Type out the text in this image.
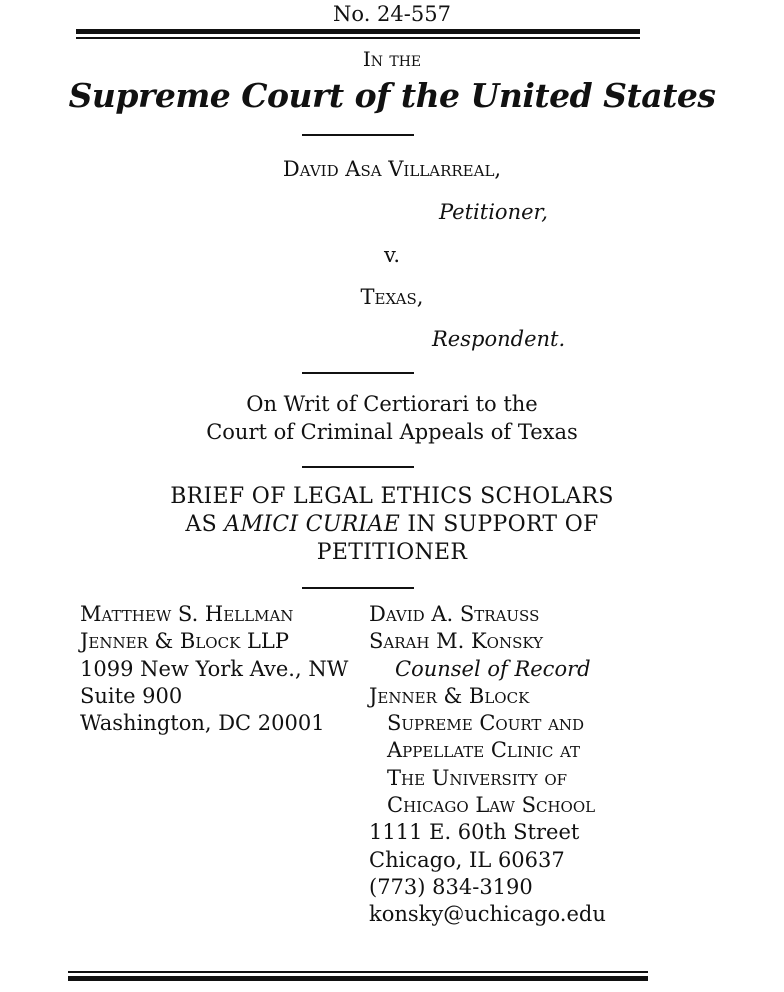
No. 24-557
In the
Supreme Court of the United States
David Asa Villarreal,
Petitioner,
v.
Texas,
Respondent.
On Writ of Certiorari to the
Court of Criminal Appeals of Texas
BRIEF OF LEGAL ETHICS SCHOLARS
AS AMICI CURIAE IN SUPPORT OF
PETITIONER
Matthew S. Hellman
Jenner & Block LLP
1099 New York Ave., NW
Suite 900
Washington, DC 20001
David A. Strauss
Sarah M. Konsky
Counsel of Record
Jenner & Block
Supreme Court and
Appellate Clinic at
The University of
Chicago Law School
1111 E. 60th Street
Chicago, IL 60637
(773) 834-3190
konsky@uchicago.edu
